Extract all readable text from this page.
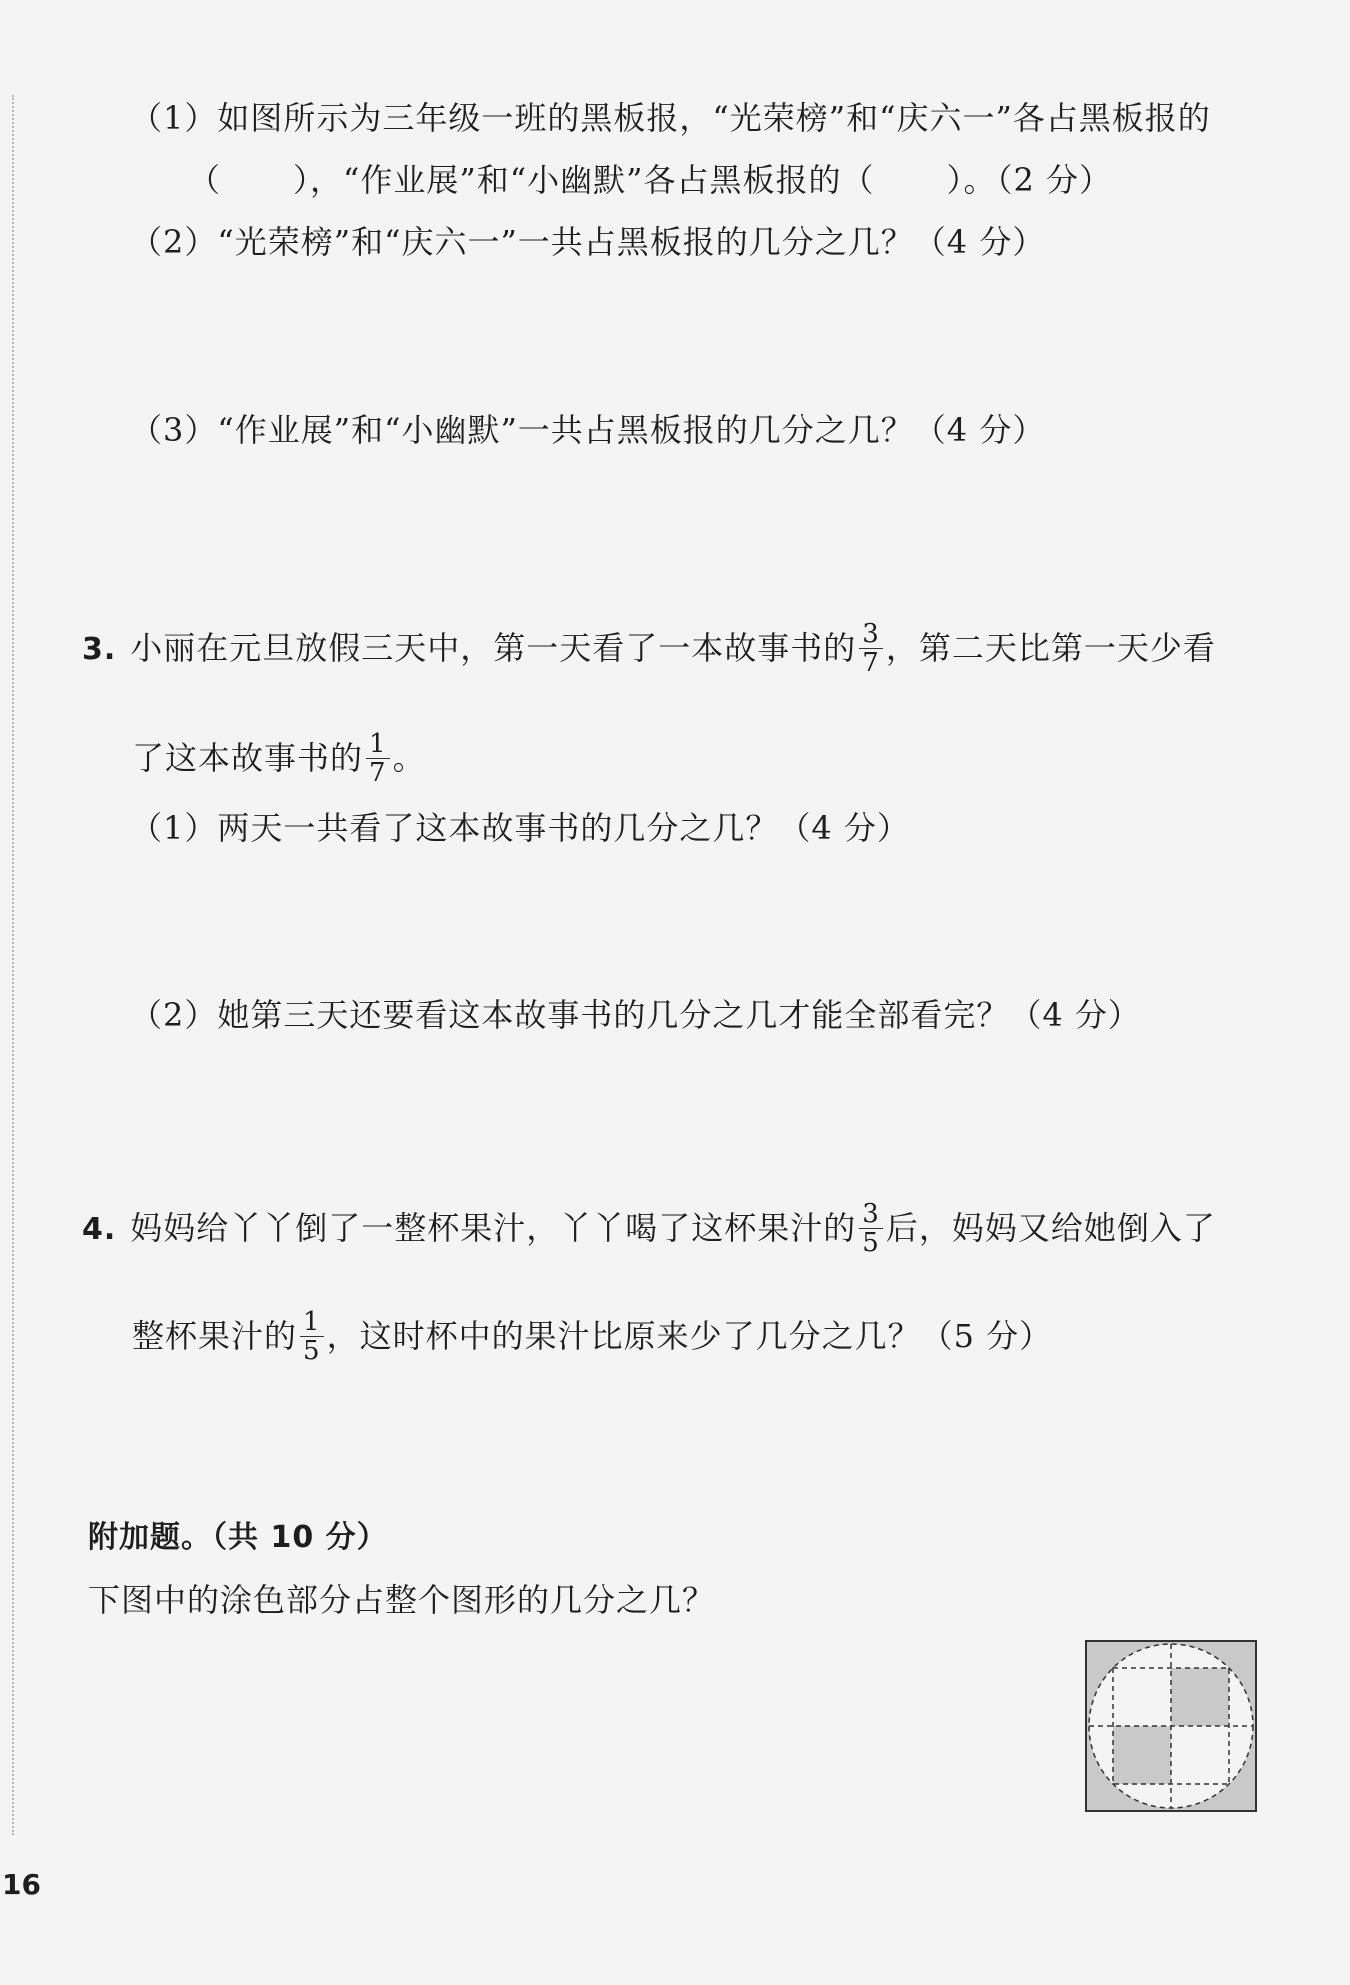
（1）如图所示为三年级一班的黑板报，“光荣榜”和“庆六一”各占黑板报的
（ ），“作业展”和“小幽默”各占黑板报的（ ）。（2 分）
（2）“光荣榜”和“庆六一”一共占黑板报的几分之几？（4 分）
（3）“作业展”和“小幽默”一共占黑板报的几分之几？（4 分）
3. 小丽在元旦放假三天中，第一天看了一本故事书的 $\frac{3}{7}$ ，第二天比第一天少看
了这本故事书的 $\frac{1}{7}$ 。
（1）两天一共看了这本故事书的几分之几？（4 分）
（2）她第三天还要看这本故事书的几分之几才能全部看完？（4 分）
4. 妈妈给丫丫倒了一整杯果汁，丫丫喝了这杯果汁的 $\frac{3}{5}$ 后，妈妈又给她倒入了
整杯果汁的 $\frac{1}{5}$ ，这时杯中的果汁比原来少了几分之几？（5 分）
附加题。（共 10 分）
下图中的涂色部分占整个图形的几分之几？
16
